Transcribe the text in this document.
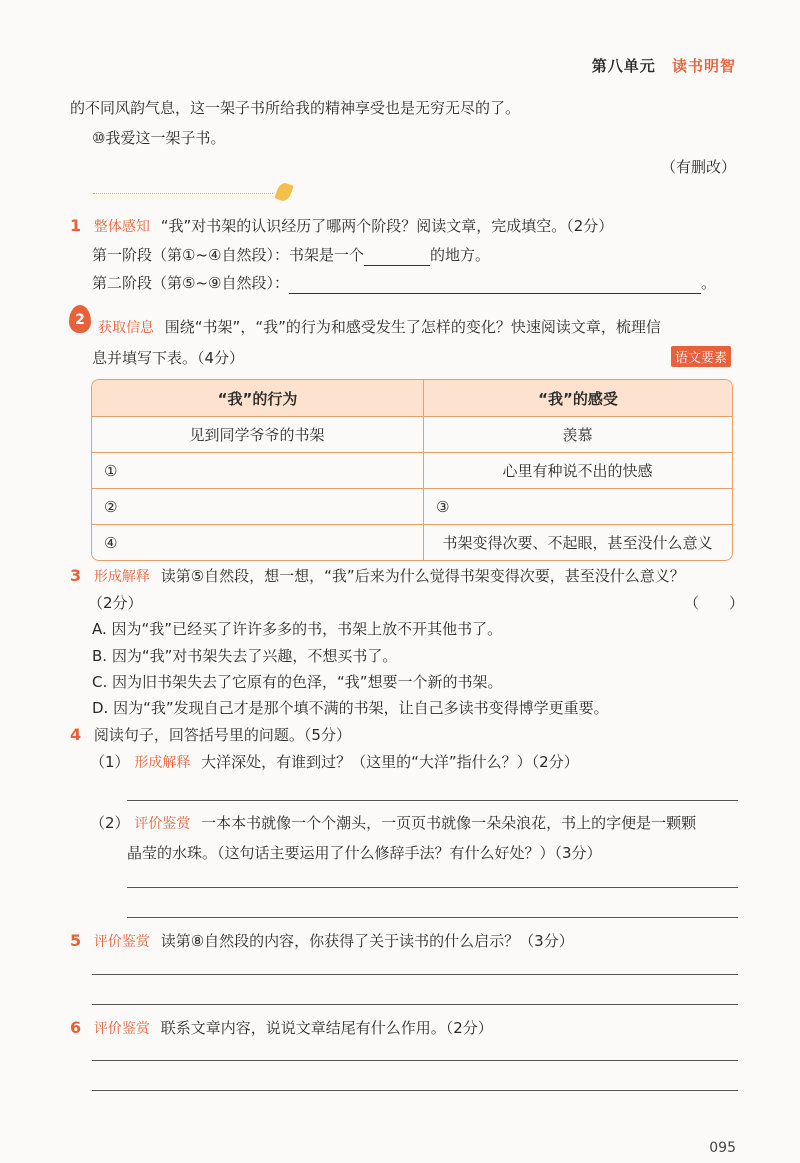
第八单元 读书明智
的不同风韵气息，这一架子书所给我的精神享受也是无穷无尽的了。
⑩我爱这一架子书。
（有删改）
1 整体感知 “我”对书架的认识经历了哪两个阶段？阅读文章，完成填空。（2分）
第一阶段（第①~④自然段）：书架是一个	的地方。
第二阶段（第⑤~⑨自然段）：	。
2 获取信息 围绕“书架”，“我”的行为和感受发生了怎样的变化？快速阅读文章，梳理信
息并填写下表。（4分）	语文要素
“我”的行为	“我”的感受
见到同学爷爷的书架	羡慕
①	心里有种说不出的快感
②	③
④	书架变得次要、不起眼，甚至没什么意义
3 形成解释 读第⑤自然段，想一想，“我”后来为什么觉得书架变得次要，甚至没什么意义？
（2分）	（　　）
A. 因为“我”已经买了许许多多的书，书架上放不开其他书了。
B. 因为“我”对书架失去了兴趣，不想买书了。
C. 因为旧书架失去了它原有的色泽，“我”想要一个新的书架。
D. 因为“我”发现自己才是那个填不满的书架，让自己多读书变得博学更重要。
4 阅读句子，回答括号里的问题。（5分）
（1） 形成解释 大洋深处，有谁到过？（这里的“大洋”指什么？）（2分）
（2） 评价鉴赏 一本本书就像一个个潮头，一页页书就像一朵朵浪花，书上的字便是一颗颗
晶莹的水珠。（这句话主要运用了什么修辞手法？有什么好处？）（3分）
5 评价鉴赏 读第⑧自然段的内容，你获得了关于读书的什么启示？（3分）
6 评价鉴赏 联系文章内容，说说文章结尾有什么作用。（2分）
095
